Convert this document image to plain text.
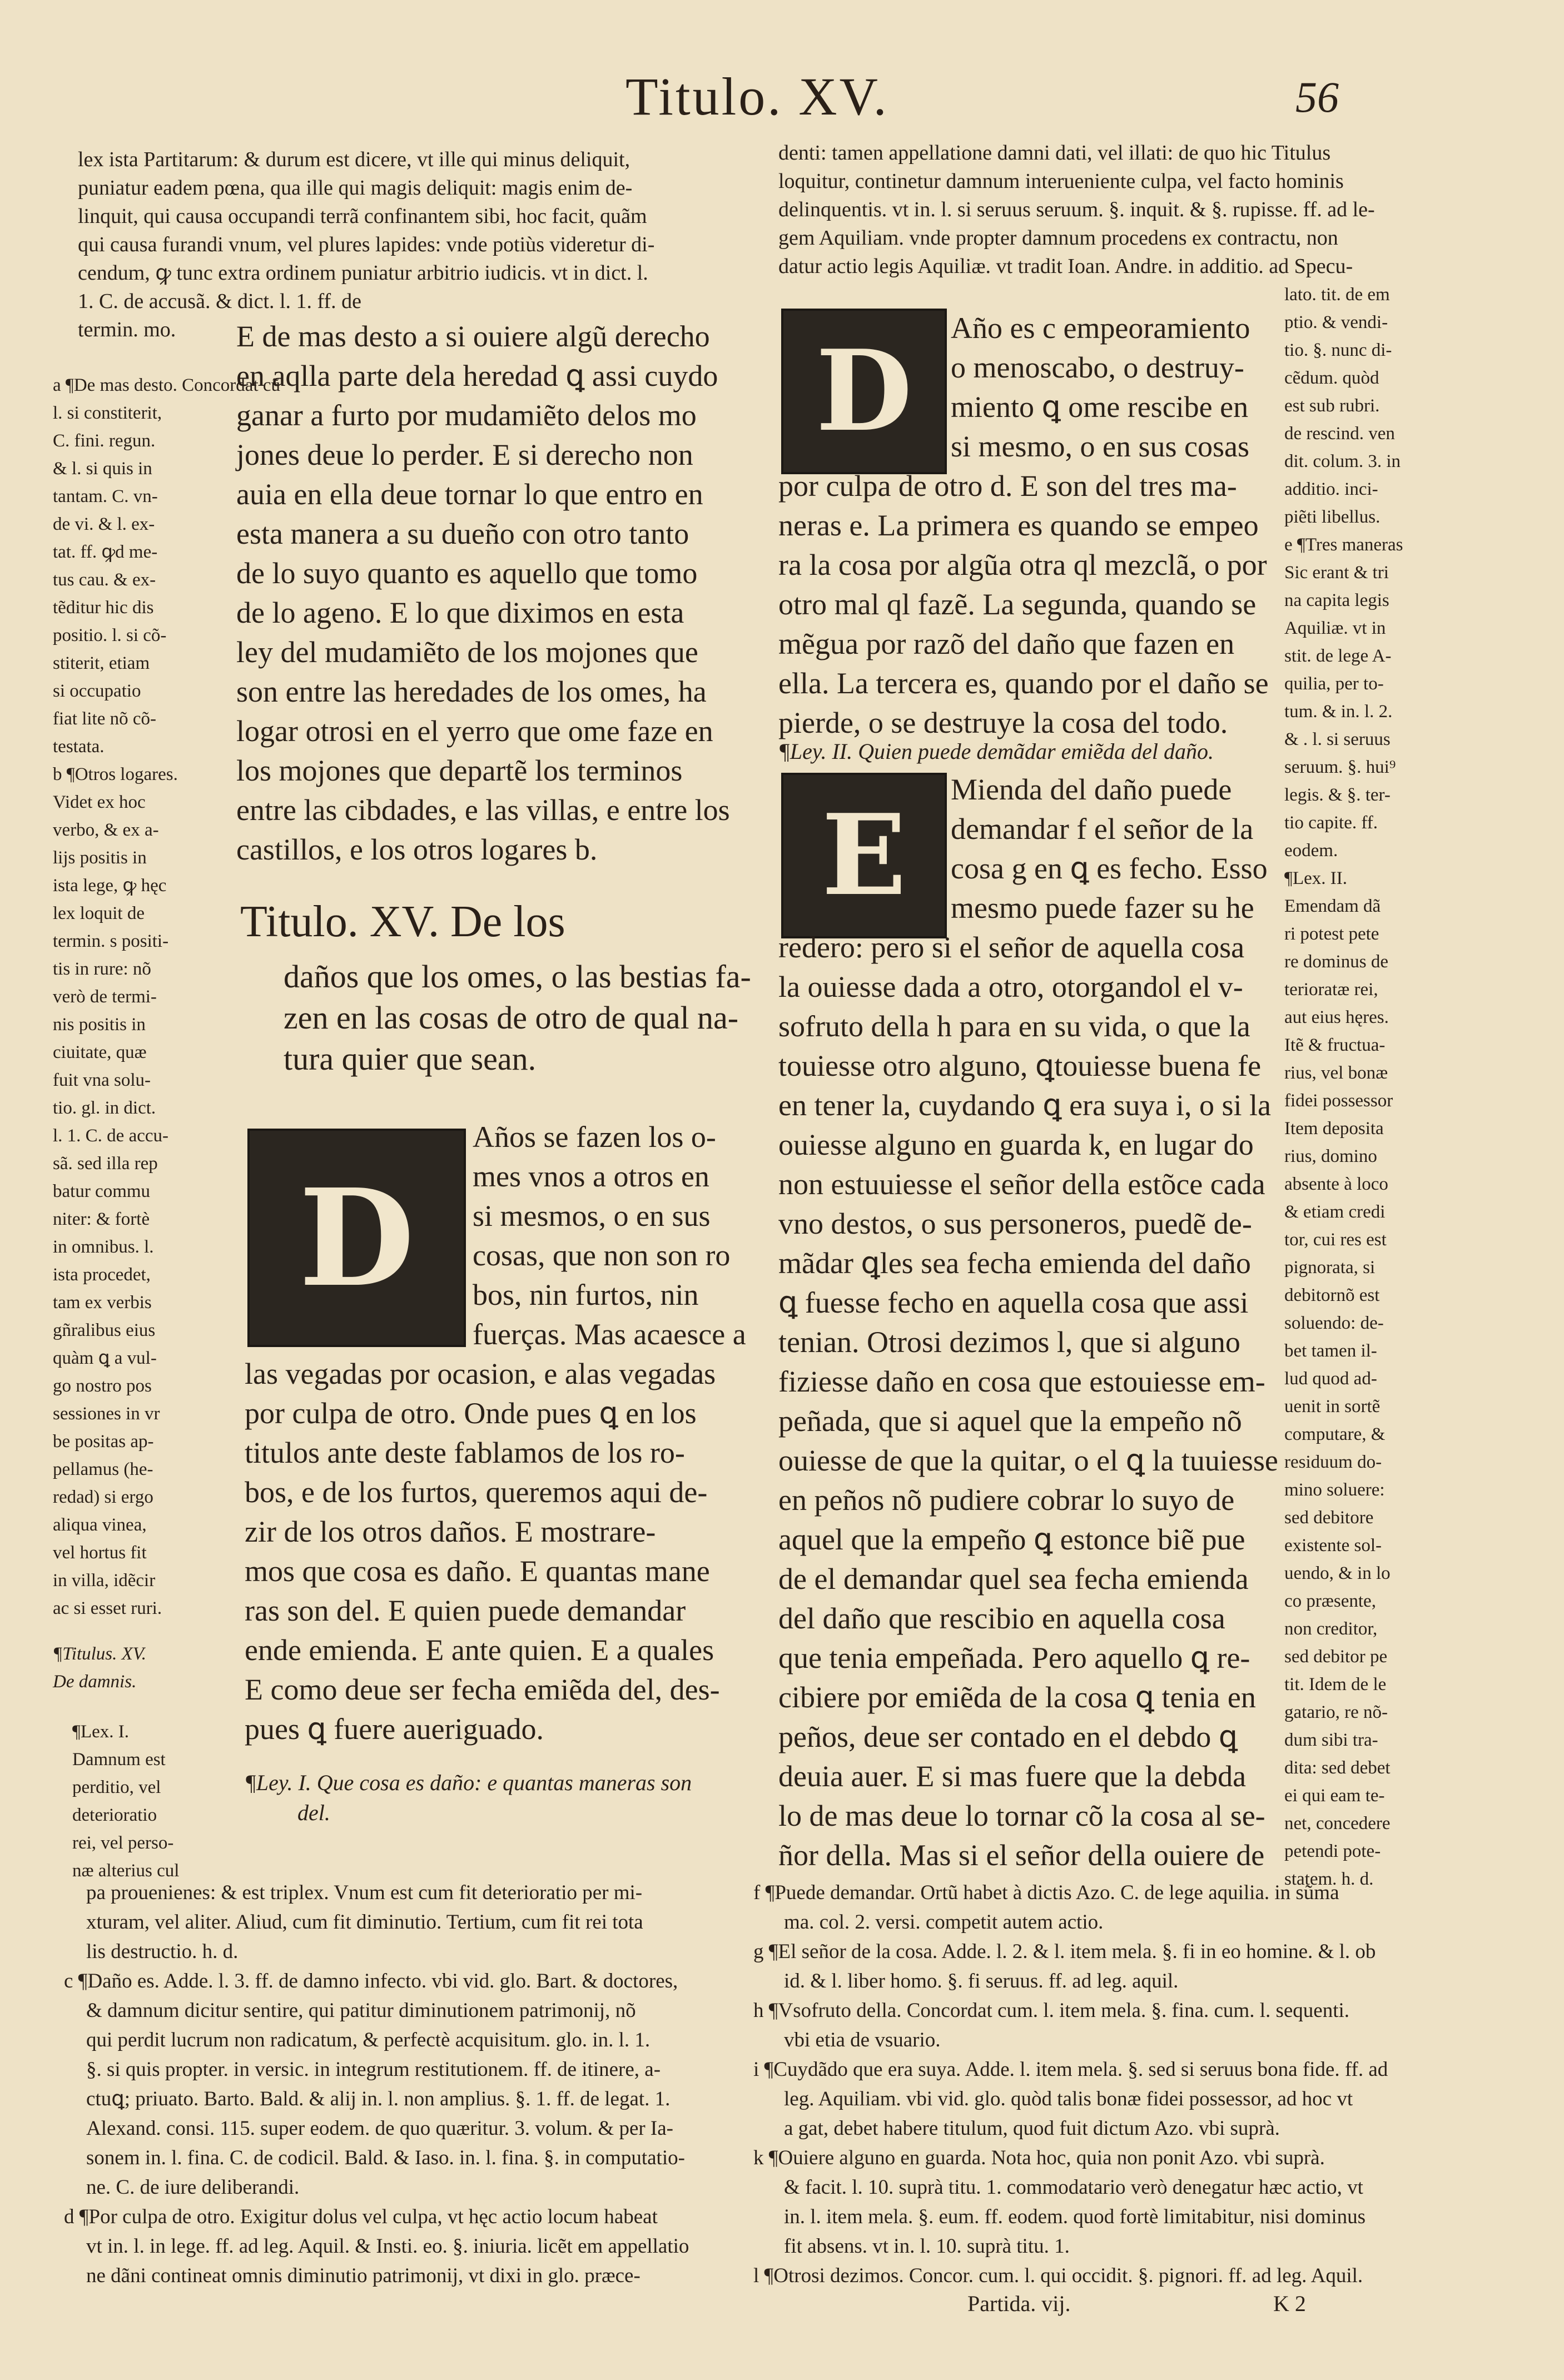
Titulo. XV.	56
lex ista Partitarum: & durum est dicere, vt ille qui minus deliquit,
puniatur eadem pœna, qua ille qui magis deliquit: magis enim de-
linquit, qui causa occupandi terrã confinantem sibi, hoc facit, quãm
qui causa furandi vnum, vel plures lapides: vnde potiùs videretur di-
cendum, ꝙ tunc extra ordinem puniatur arbitrio iudicis. vt in dict. l.
1. C. de accusã. & dict. l. 1. ff. de
termin. mo.
a ¶De mas desto. Concordat cũ
l. si constiterit,
C. fini. regun.
& l. si quis in
tantam. C. vn-
de vi. & l. ex-
tat. ff. ꝙd me-
tus cau. & ex-
tẽditur hic dis
positio. l. si cõ-
stiterit, etiam
si occupatio
fiat lite nõ cõ-
testata.
b ¶Otros logares.
Videt ex hoc
verbo, & ex a-
lijs positis in
ista lege, ꝙ hęc
lex loquit de
termin. s positi-
tis in rure: nõ
verò de termi-
nis positis in
ciuitate, quæ
fuit vna solu-
tio. gl. in dict.
l. 1. C. de accu-
sã. sed illa rep
batur commu
niter: & fortè
in omnibus. l.
ista procedet,
tam ex verbis
gñralibus eius
quàm ꝗ a vul-
go nostro pos
sessiones in vr
be positas ap-
pellamus (he-
redad) si ergo
aliqua vinea,
vel hortus fit
in villa, idẽcir
ac si esset ruri.
¶Titulus. XV.
De damnis.
¶Lex. I.
Damnum est
perditio, vel
deterioratio
rei, vel perso-
næ alterius cul
E de mas desto a si ouiere algũ derecho
en aqlla parte dela heredad ꝗ assi cuydo
ganar a furto por mudamiẽto delos mo
jones deue lo perder. E si derecho non
auia en ella deue tornar lo que entro en
esta manera a su dueño con otro tanto
de lo suyo quanto es aquello que tomo
de lo ageno. E lo que diximos en esta
ley del mudamiẽto de los mojones que
son entre las heredades de los omes, ha
logar otrosi en el yerro que ome faze en
los mojones que departẽ los terminos
entre las cibdades, e las villas, e entre los
castillos, e los otros logares b.
Titulo. XV. De los
daños que los omes, o las bestias fa-
zen en las cosas de otro de qual na-
tura quier que sean.
D
Años se fazen los o-
mes vnos a otros en
si mesmos, o en sus
cosas, que non son ro
bos, nin furtos, nin
fuerças. Mas acaesce a
las vegadas por ocasion, e alas vegadas
por culpa de otro. Onde pues ꝗ en los
titulos ante deste fablamos de los ro-
bos, e de los furtos, queremos aqui de-
zir de los otros daños. E mostrare-
mos que cosa es daño. E quantas mane
ras son del. E quien puede demandar
ende emienda. E ante quien. E a quales
E como deue ser fecha emiẽda del, des-
pues ꝗ fuere aueriguado.
¶Ley. I. Que cosa es daño: e quantas maneras son
del.
denti: tamen appellatione damni dati, vel illati: de quo hic Titulus
loquitur, continetur damnum interueniente culpa, vel facto hominis
delinquentis. vt in. l. si seruus seruum. §. inquit. & §. rupisse. ff. ad le-
gem Aquiliam. vnde propter damnum procedens ex contractu, non
datur actio legis Aquiliæ. vt tradit Ioan. Andre. in additio. ad Specu-
lato. tit. de em
ptio. & vendi-
tio. §. nunc di-
cẽdum. quòd
est sub rubri.
de rescind. ven
dit. colum. 3. in
additio. inci-
piẽti libellus.
e ¶Tres maneras
Sic erant & tri
na capita legis
Aquiliæ. vt in
stit. de lege A-
quilia, per to-
tum. & in. l. 2.
& . l. si seruus
seruum. §. hui⁹
legis. & §. ter-
tio capite. ff.
eodem.
¶Lex. II.
Emendam dã
ri potest pete
re dominus de
terioratæ rei,
aut eius hęres.
Itẽ & fructua-
rius, vel bonæ
fidei possessor
Item deposita
rius, domino
absente à loco
& etiam credi
tor, cui res est
pignorata, si
debitornõ est
soluendo: de-
bet tamen il-
lud quod ad-
uenit in sortẽ
computare, &
residuum do-
mino soluere:
sed debitore
existente sol-
uendo, & in lo
co præsente,
non creditor,
sed debitor pe
tit. Idem de le
gatario, re nõ-
dum sibi tra-
dita: sed debet
ei qui eam te-
net, concedere
petendi pote-
statem. h. d.
D	Año es c empeoramiento
o menoscabo, o destruy-
miento ꝗ ome rescibe en
si mesmo, o en sus cosas
por culpa de otro d. E son del tres ma-
neras e. La primera es quando se empeo
ra la cosa por algũa otra ql mezclã, o por
otro mal ql fazẽ. La segunda, quando se
mẽgua por razõ del daño que fazen en
ella. La tercera es, quando por el daño se
pierde, o se destruye la cosa del todo.
¶Ley. II. Quien puede demãdar emiẽda del daño.
E
Mienda del daño puede
demandar f el señor de la
cosa g en ꝗ es fecho. Esso
mesmo puede fazer su he
redero: pero si el señor de aquella cosa
la ouiesse dada a otro, otorgandol el v-
sofruto della h para en su vida, o que la
touiesse otro alguno, ꝗtouiesse buena fe
en tener la, cuydando ꝗ era suya i, o si la
ouiesse alguno en guarda k, en lugar do
non estuuiesse el señor della estõce cada
vno destos, o sus personeros, puedẽ de-
mãdar ꝗles sea fecha emienda del daño
ꝗ fuesse fecho en aquella cosa que assi
tenian. Otrosi dezimos l, que si alguno
fiziesse daño en cosa que estouiesse em-
peñada, que si aquel que la empeño nõ
ouiesse de que la quitar, o el ꝗ la tuuiesse
en peños nõ pudiere cobrar lo suyo de
aquel que la empeño ꝗ estonce biẽ pue
de el demandar quel sea fecha emienda
del daño que rescibio en aquella cosa
que tenia empeñada. Pero aquello ꝗ re-
cibiere por emiẽda de la cosa ꝗ tenia en
peños, deue ser contado en el debdo ꝗ
deuia auer. E si mas fuere que la debda
lo de mas deue lo tornar cõ la cosa al se-
ñor della. Mas si el señor della ouiere de
pa prouenienes: & est triplex. Vnum est cum fit deterioratio per mi-
xturam, vel aliter. Aliud, cum fit diminutio. Tertium, cum fit rei tota
lis destructio. h. d.
c ¶Daño es. Adde. l. 3. ff. de damno infecto. vbi vid. glo. Bart. & doctores,
& damnum dicitur sentire, qui patitur diminutionem patrimonij, nõ
qui perdit lucrum non radicatum, & perfectè acquisitum. glo. in. l. 1.
§. si quis propter. in versic. in integrum restitutionem. ff. de itinere, a-
ctuꝗ; priuato. Barto. Bald. & alij in. l. non amplius. §. 1. ff. de legat. 1.
Alexand. consi. 115. super eodem. de quo quæritur. 3. volum. & per Ia-
sonem in. l. fina. C. de codicil. Bald. & Iaso. in. l. fina. §. in computatio-
ne. C. de iure deliberandi.
d ¶Por culpa de otro. Exigitur dolus vel culpa, vt hęc actio locum habeat
vt in. l. in lege. ff. ad leg. Aquil. & Insti. eo. §. iniuria. licẽt em appellatio
ne dãni contineat omnis diminutio patrimonij, vt dixi in glo. præce-
f ¶Puede demandar. Ortũ habet à dictis Azo. C. de lege aquilia. in sũma
ma. col. 2. versi. competit autem actio.
g ¶El señor de la cosa. Adde. l. 2. & l. item mela. §. fi in eo homine. & l. ob
id. & l. liber homo. §. fi seruus. ff. ad leg. aquil.
h ¶Vsofruto della. Concordat cum. l. item mela. §. fina. cum. l. sequenti.
vbi etia de vsuario.
i ¶Cuydãdo que era suya. Adde. l. item mela. §. sed si seruus bona fide. ff. ad
leg. Aquiliam. vbi vid. glo. quòd talis bonæ fidei possessor, ad hoc vt
a gat, debet habere titulum, quod fuit dictum Azo. vbi suprà.
k ¶Ouiere alguno en guarda. Nota hoc, quia non ponit Azo. vbi suprà.
& facit. l. 10. suprà titu. 1. commodatario verò denegatur hæc actio, vt
in. l. item mela. §. eum. ff. eodem. quod fortè limitabitur, nisi dominus
fit absens. vt in. l. 10. suprà titu. 1.
l ¶Otrosi dezimos. Concor. cum. l. qui occidit. §. pignori. ff. ad leg. Aquil.
Partida. vij.	K 2
